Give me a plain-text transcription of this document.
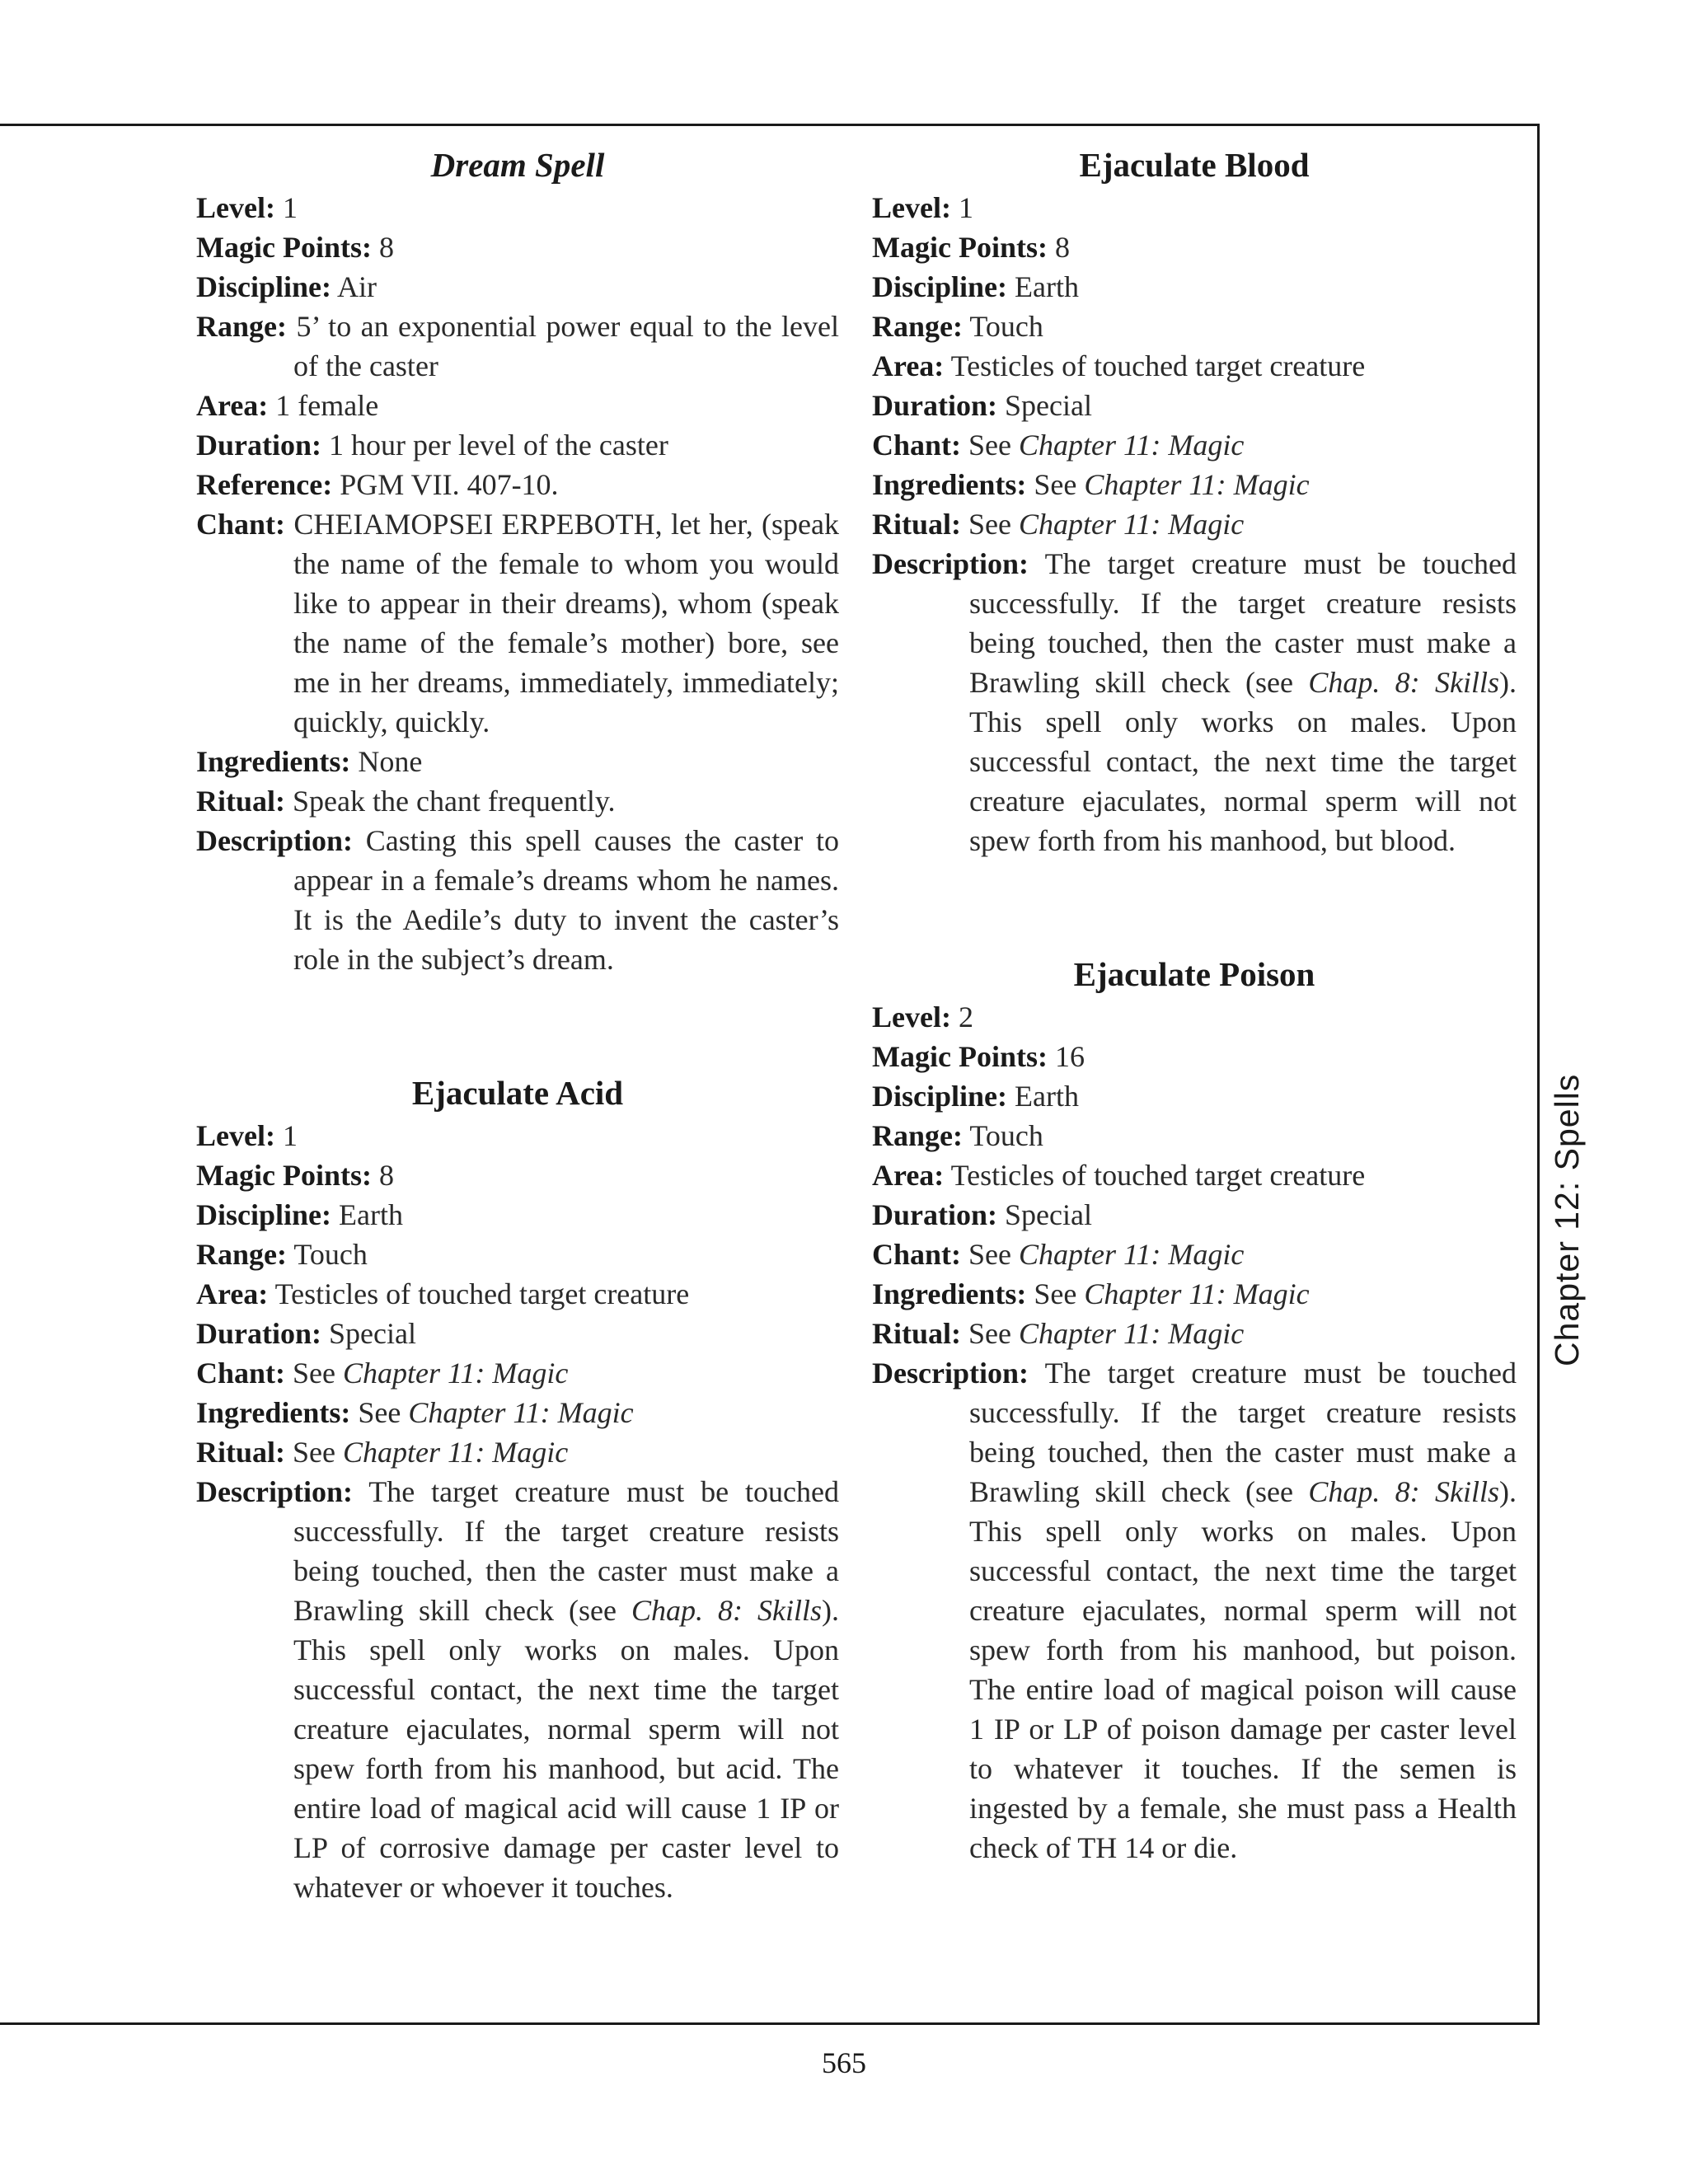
Dream Spell

Level: 1

Magic Points: 8

Discipline: Air

Range: 5’ to an exponential power equal to the level of the caster

Area: 1 female

Duration: 1 hour per level of the caster

Reference: PGM VII. 407-10.

Chant: CHEIAMOPSEI ERPEBOTH, let her, (speak the name of the female to whom you would like to appear in their dreams), whom (speak the name of the female’s mother) bore, see me in her dreams, immediately, immediately; quickly, quickly.

Ingredients: None

Ritual: Speak the chant frequently.

Description: Casting this spell causes the caster to appear in a female’s dreams whom he names. It is the Aedile’s duty to invent the caster’s role in the subject’s dream.

Ejaculate Acid

Level: 1

Magic Points: 8

Discipline: Earth

Range: Touch

Area: Testicles of touched target creature

Duration: Special

Chant: See Chapter 11: Magic

Ingredients: See Chapter 11: Magic

Ritual: See Chapter 11: Magic

Description: The target creature must be touched successfully. If the target creature resists being touched, then the caster must make a Brawling skill check (see Chap. 8: Skills). This spell only works on males. Upon successful contact, the next time the target creature ejaculates, normal sperm will not spew forth from his manhood, but acid. The entire load of magical acid will cause 1 IP or LP of corrosive damage per caster level to whatever or whoever it touches.

Ejaculate Blood

Level: 1

Magic Points: 8

Discipline: Earth

Range: Touch

Area: Testicles of touched target creature

Duration: Special

Chant: See Chapter 11: Magic

Ingredients: See Chapter 11: Magic

Ritual: See Chapter 11: Magic

Description: The target creature must be touched successfully. If the target creature resists being touched, then the caster must make a Brawling skill check (see Chap. 8: Skills). This spell only works on males. Upon successful contact, the next time the target creature ejaculates, normal sperm will not spew forth from his manhood, but blood.

Ejaculate Poison

Level: 2

Magic Points: 16

Discipline: Earth

Range: Touch

Area: Testicles of touched target creature

Duration: Special

Chant: See Chapter 11: Magic

Ingredients: See Chapter 11: Magic

Ritual: See Chapter 11: Magic

Description: The target creature must be touched successfully. If the target creature resists being touched, then the caster must make a Brawling skill check (see Chap. 8: Skills). This spell only works on males. Upon successful contact, the next time the target creature ejaculates, normal sperm will not spew forth from his manhood, but poison. The entire load of magical poison will cause 1 IP or LP of poison damage per caster level to whatever it touches. If the semen is ingested by a female, she must pass a Health check of TH 14 or die.

Chapter 12: Spells
565
